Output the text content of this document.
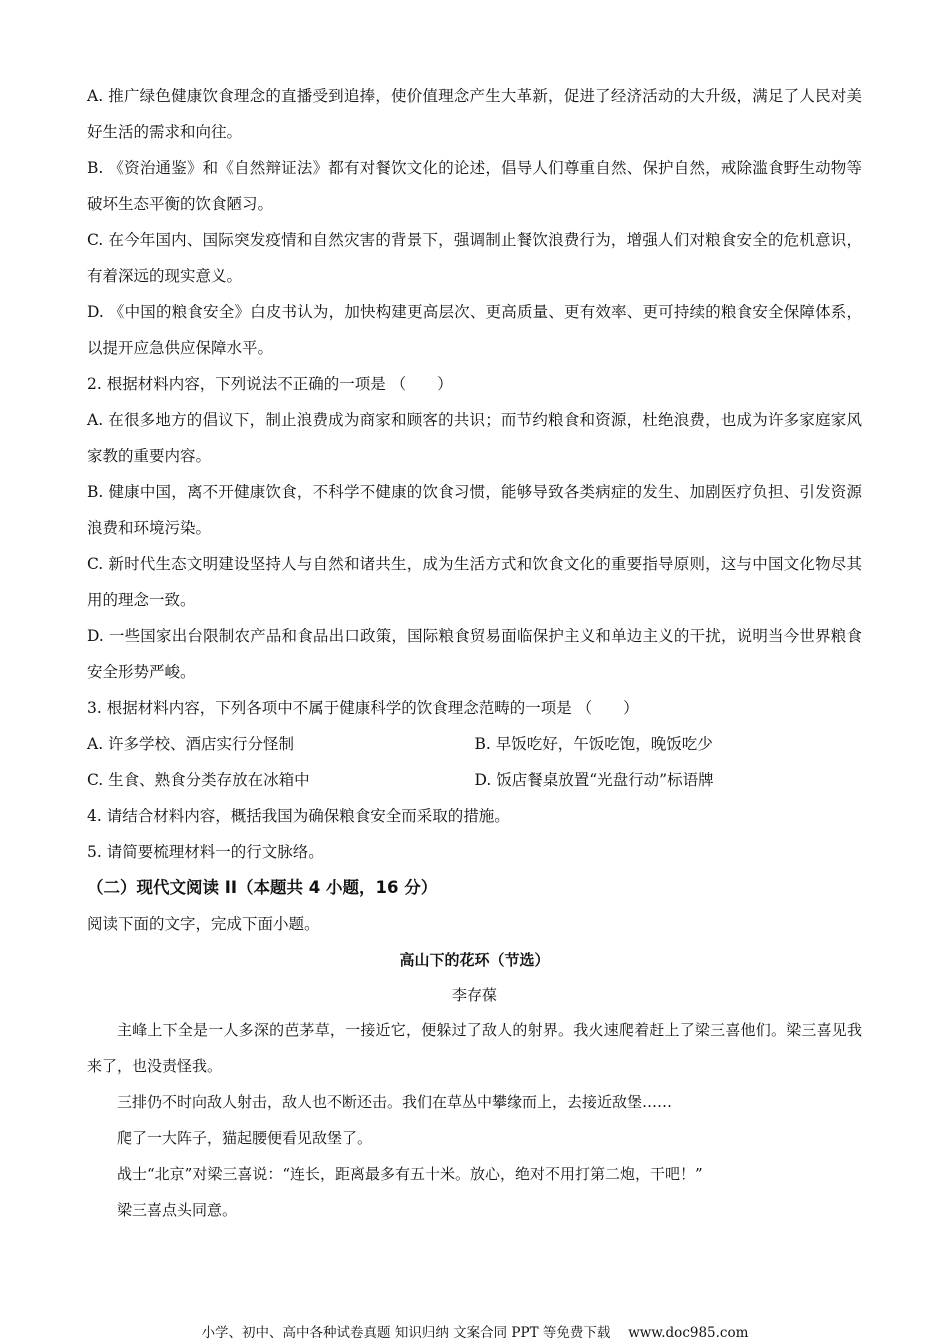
A. 推广绿色健康饮食理念的直播受到追捧，使价值理念产生大革新，促进了经济活动的大升级，满足了人民对美好生活的需求和向往。

B. 《资治通鉴》和《自然辩证法》都有对餐饮文化的论述，倡导人们尊重自然、保护自然，戒除滥食野生动物等破坏生态平衡的饮食陋习。

C. 在今年国内、国际突发疫情和自然灾害的背景下，强调制止餐饮浪费行为，增强人们对粮食安全的危机意识，有着深远的现实意义。

D. 《中国的粮食安全》白皮书认为，加快构建更高层次、更高质量、更有效率、更可持续的粮食安全保障体系，以提开应急供应保障水平。

2. 根据材料内容，下列说法不正确的一项是 （　　）

A. 在很多地方的倡议下，制止浪费成为商家和顾客的共识；而节约粮食和资源，杜绝浪费，也成为许多家庭家风家教的重要内容。

B. 健康中国，离不开健康饮食，不科学不健康的饮食习惯，能够导致各类病症的发生、加剧医疗负担、引发资源浪费和环境污染。

C. 新时代生态文明建设坚持人与自然和诸共生，成为生活方式和饮食文化的重要指导原则，这与中国文化物尽其用的理念一致。

D. 一些国家出台限制农产品和食品出口政策，国际粮食贸易面临保护主义和单边主义的干扰，说明当今世界粮食安全形势严峻。

3. 根据材料内容，下列各项中不属于健康科学的饮食理念范畴的一项是 （　　）

A. 许多学校、酒店实行分怪制	B. 早饭吃好，午饭吃饱，晚饭吃少
C. 生食、熟食分类存放在冰箱中	D. 饭店餐桌放置“光盘行动”标语牌

4. 请结合材料内容，概括我国为确保粮食安全而采取的措施。

5. 请简要梳理材料一的行文脉络。

（二）现代文阅读 II（本题共 4 小题，16 分）

阅读下面的文字，完成下面小题。

高山下的花环（节选）

李存葆

主峰上下全是一人多深的芭茅草，一接近它，便躲过了敌人的射界。我火速爬着赶上了梁三喜他们。梁三喜见我来了，也没责怪我。

三排仍不时向敌人射击，敌人也不断还击。我们在草丛中攀缘而上，去接近敌堡……

爬了一大阵子，猫起腰便看见敌堡了。

战士“北京”对梁三喜说：“连长，距离最多有五十米。放心，绝对不用打第二炮，干吧！”

梁三喜点头同意。

小学、初中、高中各种试卷真题 知识归纳 文案合同 PPT 等免费下载　 www.doc985.com
